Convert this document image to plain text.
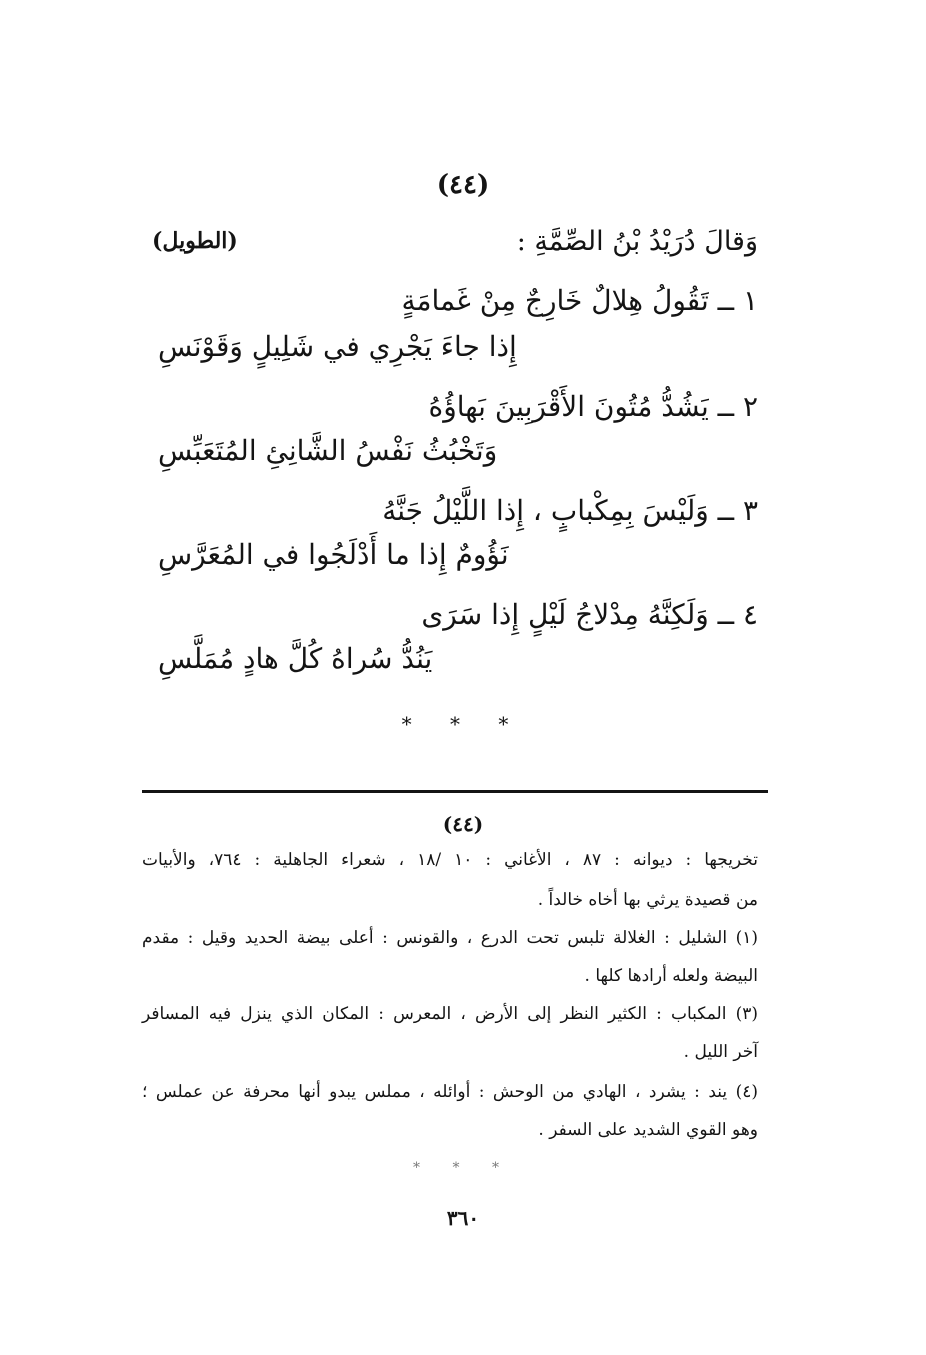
(٤٤)

وَقالَ دُرَيْدُ بْنُ الصِّمَّةِ :

(الطويل)

١ ــ تَقُولُ هِلالٌ خَارِجٌ مِنْ غَمامَةٍ

إِذا جاءَ يَجْرِي في شَلِيلٍ وَقَوْنَسِ

٢ ــ يَشُدُّ مُتُونَ الأَقْرَبِينَ بَهاؤُهُ

وَتَخْبُثُ نَفْسُ الشَّانِئِ المُتَعَبِّسِ

٣ ــ وَلَيْسَ بِمِكْبابٍ ، إِذا اللَّيْلُ جَنَّهُ

نَؤُومٌ إِذا ما أَدْلَجُوا في المُعَرَّسِ

٤ ــ وَلَكِنَّهُ مِدْلاجُ لَيْلٍ إِذا سَرَى

يَنُدُّ سُراهُ كُلَّ هادٍ مُمَلَّسِ

* * *

(٤٤)

تخريجها : ديوانه : ٨٧ ، الأغاني : ١٠ /١٨ ، شعراء الجاهلية : ٧٦٤، والأبيات

من قصيدة يرثي بها أخاه خالداً .

(١) الشليل : الغلالة تلبس تحت الدرع ، والقونس : أعلى بيضة الحديد وقيل : مقدم

البيضة ولعله أرادها كلها .

(٣) المكباب : الكثير النظر إلى الأرض ، المعرس : المكان الذي ينزل فيه المسافر

آخر الليل .

(٤) يند : يشرد ، الهادي من الوحش : أوائله ، مملس يبدو أنها محرفة عن عملس ؛

وهو القوي الشديد على السفر .

* * *

٣٦٠
